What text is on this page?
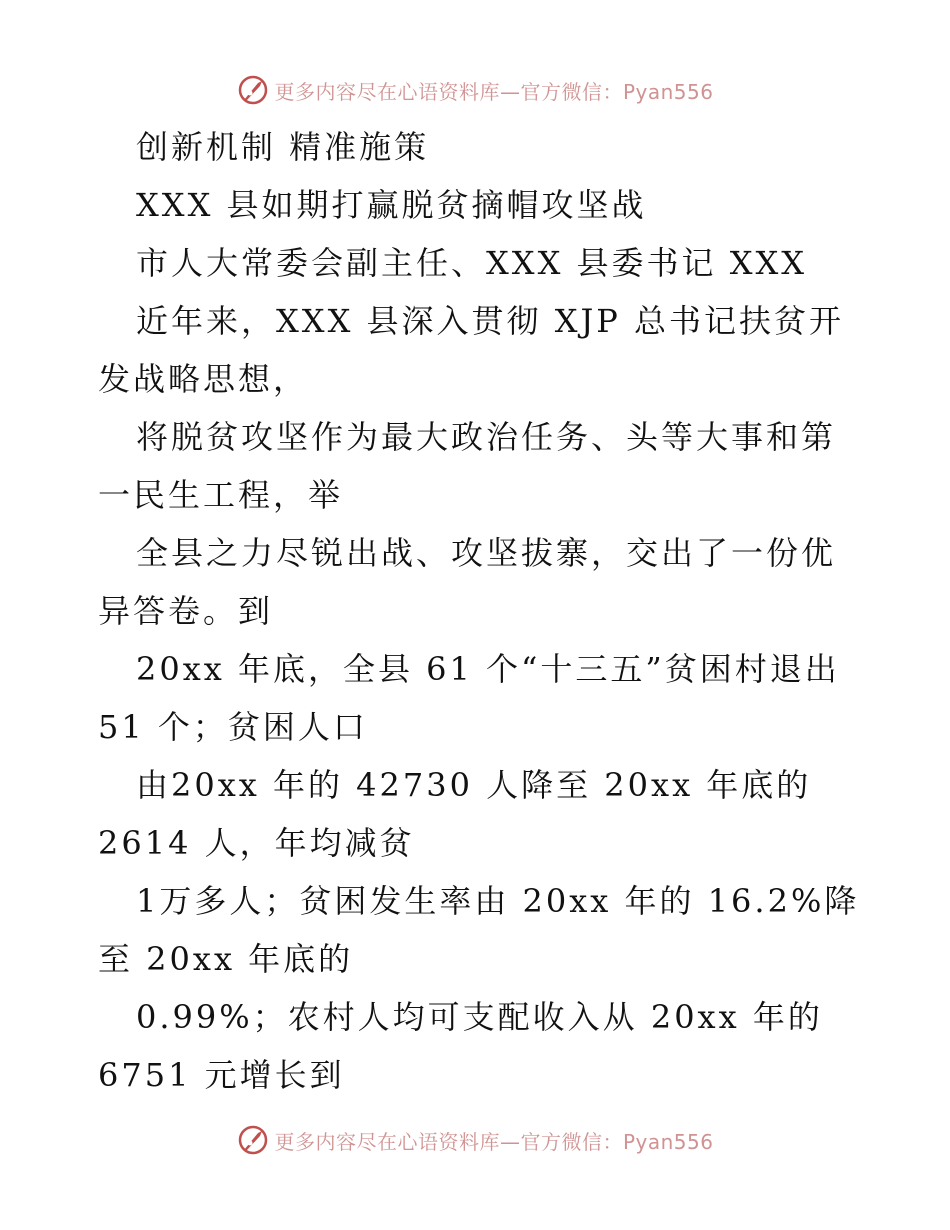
更多内容尽在心语资料库—官方微信：Pyan556

创新机制 精准施策

XXX 县如期打赢脱贫摘帽攻坚战

市人大常委会副主任、XXX 县委书记 XXX

近年来，XXX 县深入贯彻 XJP 总书记扶贫开发战略思想，

将脱贫攻坚作为最大政治任务、头等大事和第一民生工程，举

全县之力尽锐出战、攻坚拔寨，交出了一份优异答卷。到

20xx 年底，全县 61 个“十三五”贫困村退出 51 个；贫困人口

由20xx 年的 42730 人降至 20xx 年底的 2614 人，年均减贫

1万多人；贫困发生率由 20xx 年的 16.2%降至 20xx 年底的

0.99%；农村人均可支配收入从 20xx 年的 6751 元增长到

更多内容尽在心语资料库—官方微信：Pyan556
